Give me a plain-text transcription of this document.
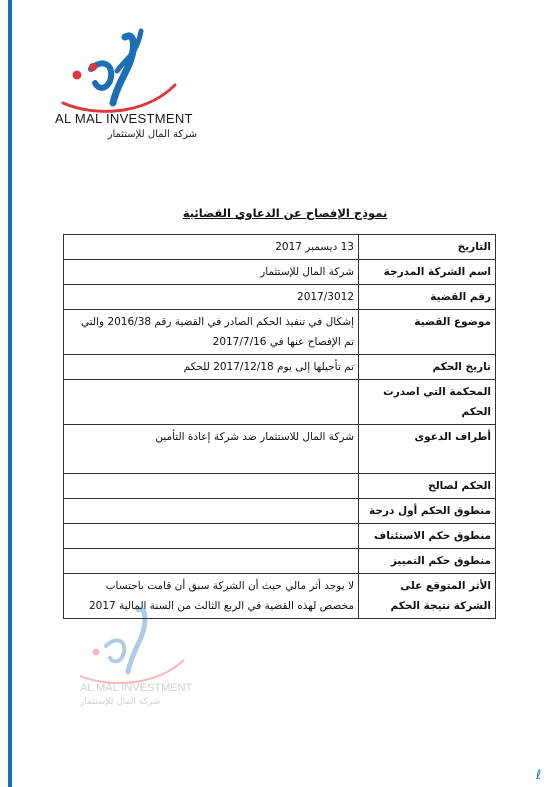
AL MAL INVESTMENT
شركة المال للإستثمار
نموذج الإفصاح عن الدعاوي القضائية
التاريخ	13 ديسمبر 2017
اسم الشركة المدرجة	شركة المال للإستثمار
رقم القضية	2017/3012
موضوع القضية	إشكال في تنفيذ الحكم الصادر في القضية رقم 2016/38 والتي تم الإفصاح عنها في 2017/7/16
تاريخ الحكم	تم تأجيلها إلى يوم 2017/12/18 للحكم
المحكمة التي اصدرت الحكم	
أطراف الدعوى	شركة المال للاستثمار ضد شركة إعادة التأمين
الحكم لصالح	
منطوق الحكم أول درجة	
منطوق حكم الاستئناف	
منطوق حكم التمييز	
الأثر المتوقع على الشركة نتيجة الحكم	لا يوجد أثر مالي حيث أن الشركة سبق أن قامت باحتساب مخصص لهذه القضية في الربع الثالث من السنة المالية 2017
AL MAL INVESTMENT
شركة المال للإستثمار
ℓ
